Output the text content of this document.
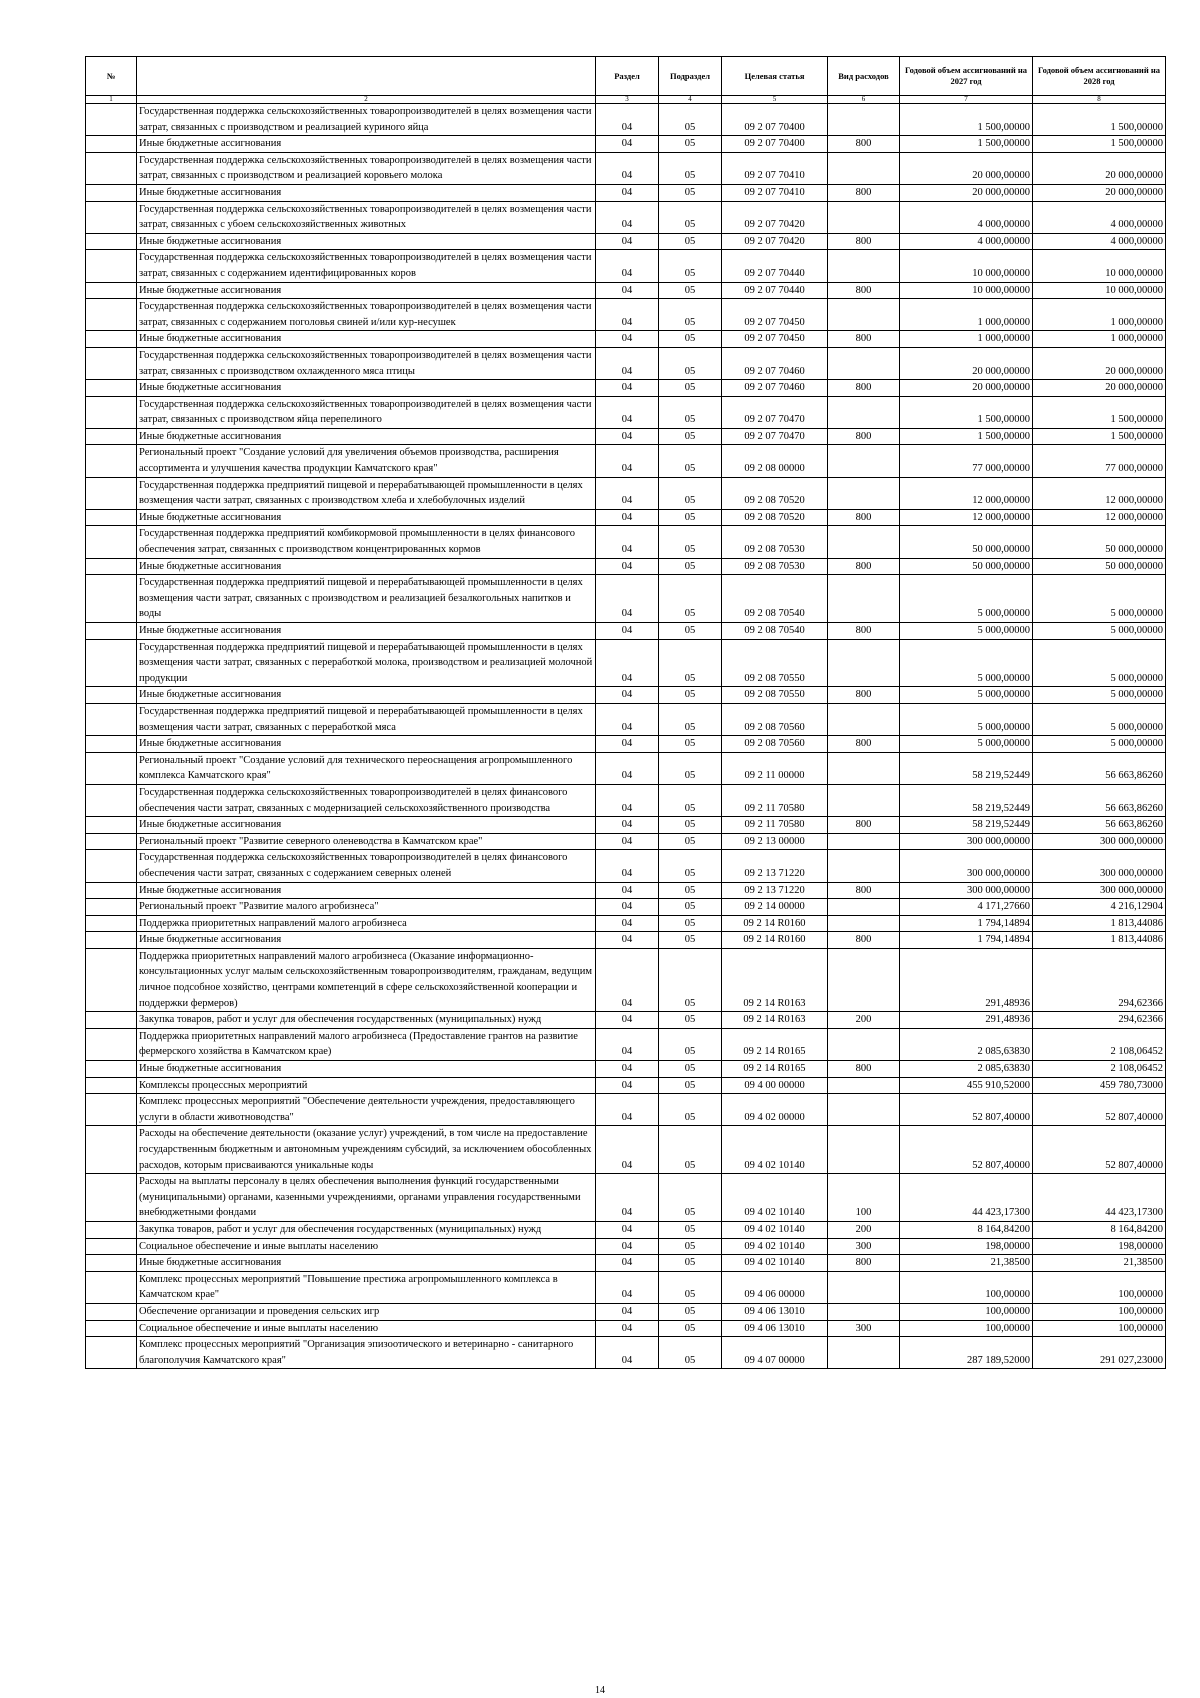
№		Раздел	Подраздел	Целевая статья	Вид расходов	Годовой объем ассигнований на 2027 год	Годовой объем ассигнований на 2028 год
1	2	3	4	5	6	7	8
	Государственная поддержка сельскохозяйственных товаропроизводителей в целях возмещения части затрат, связанных с производством и реализацией куриного яйца	04	05	09 2 07 70400		1 500,00000	1 500,00000
	Иные бюджетные ассигнования	04	05	09 2 07 70400	800	1 500,00000	1 500,00000
	Государственная поддержка сельскохозяйственных товаропроизводителей в целях возмещения части затрат, связанных с производством и реализацией коровьего молока	04	05	09 2 07 70410		20 000,00000	20 000,00000
	Иные бюджетные ассигнования	04	05	09 2 07 70410	800	20 000,00000	20 000,00000
	Государственная поддержка сельскохозяйственных товаропроизводителей в целях возмещения части затрат, связанных с убоем сельскохозяйственных животных	04	05	09 2 07 70420		4 000,00000	4 000,00000
	Иные бюджетные ассигнования	04	05	09 2 07 70420	800	4 000,00000	4 000,00000
	Государственная поддержка сельскохозяйственных товаропроизводителей в целях возмещения части затрат, связанных с содержанием идентифицированных коров	04	05	09 2 07 70440		10 000,00000	10 000,00000
	Иные бюджетные ассигнования	04	05	09 2 07 70440	800	10 000,00000	10 000,00000
	Государственная поддержка сельскохозяйственных товаропроизводителей в целях возмещения части затрат, связанных с содержанием поголовья свиней и/или кур-несушек	04	05	09 2 07 70450		1 000,00000	1 000,00000
	Иные бюджетные ассигнования	04	05	09 2 07 70450	800	1 000,00000	1 000,00000
	Государственная поддержка сельскохозяйственных товаропроизводителей в целях возмещения части затрат, связанных с производством охлажденного мяса птицы	04	05	09 2 07 70460		20 000,00000	20 000,00000
	Иные бюджетные ассигнования	04	05	09 2 07 70460	800	20 000,00000	20 000,00000
	Государственная поддержка сельскохозяйственных товаропроизводителей в целях возмещения части затрат, связанных с производством яйца перепелиного	04	05	09 2 07 70470		1 500,00000	1 500,00000
	Иные бюджетные ассигнования	04	05	09 2 07 70470	800	1 500,00000	1 500,00000
	Региональный проект "Создание условий для увеличения объемов производства, расширения ассортимента и улучшения качества продукции Камчатского края"	04	05	09 2 08 00000		77 000,00000	77 000,00000
	Государственная поддержка предприятий пищевой и перерабатывающей промышленности в целях возмещения части затрат, связанных с производством хлеба и хлебобулочных изделий	04	05	09 2 08 70520		12 000,00000	12 000,00000
	Иные бюджетные ассигнования	04	05	09 2 08 70520	800	12 000,00000	12 000,00000
	Государственная поддержка предприятий комбикормовой промышленности в целях финансового обеспечения затрат, связанных с производством концентрированных кормов	04	05	09 2 08 70530		50 000,00000	50 000,00000
	Иные бюджетные ассигнования	04	05	09 2 08 70530	800	50 000,00000	50 000,00000
	Государственная поддержка предприятий пищевой и перерабатывающей промышленности в целях возмещения части затрат, связанных с производством и реализацией безалкогольных напитков и воды	04	05	09 2 08 70540		5 000,00000	5 000,00000
	Иные бюджетные ассигнования	04	05	09 2 08 70540	800	5 000,00000	5 000,00000
	Государственная поддержка предприятий пищевой и перерабатывающей промышленности в целях возмещения части затрат, связанных с переработкой молока, производством и реализацией молочной продукции	04	05	09 2 08 70550		5 000,00000	5 000,00000
	Иные бюджетные ассигнования	04	05	09 2 08 70550	800	5 000,00000	5 000,00000
	Государственная поддержка предприятий пищевой и перерабатывающей промышленности в целях возмещения части затрат, связанных с переработкой мяса	04	05	09 2 08 70560		5 000,00000	5 000,00000
	Иные бюджетные ассигнования	04	05	09 2 08 70560	800	5 000,00000	5 000,00000
	Региональный проект "Создание условий для технического переоснащения агропромышленного комплекса Камчатского края"	04	05	09 2 11 00000		58 219,52449	56 663,86260
	Государственная поддержка сельскохозяйственных товаропроизводителей в целях финансового обеспечения части затрат, связанных с модернизацией сельскохозяйственного производства	04	05	09 2 11 70580		58 219,52449	56 663,86260
	Иные бюджетные ассигнования	04	05	09 2 11 70580	800	58 219,52449	56 663,86260
	Региональный проект "Развитие северного оленеводства в Камчатском крае"	04	05	09 2 13 00000		300 000,00000	300 000,00000
	Государственная поддержка сельскохозяйственных товаропроизводителей в целях финансового обеспечения части затрат, связанных с содержанием северных оленей	04	05	09 2 13 71220		300 000,00000	300 000,00000
	Иные бюджетные ассигнования	04	05	09 2 13 71220	800	300 000,00000	300 000,00000
	Региональный проект "Развитие малого агробизнеса"	04	05	09 2 14 00000		4 171,27660	4 216,12904
	Поддержка приоритетных направлений малого агробизнеса	04	05	09 2 14 R0160		1 794,14894	1 813,44086
	Иные бюджетные ассигнования	04	05	09 2 14 R0160	800	1 794,14894	1 813,44086
	Поддержка приоритетных направлений малого агробизнеса (Оказание информационно-консультационных услуг малым сельскохозяйственным товаропроизводителям, гражданам, ведущим личное подсобное хозяйство, центрами компетенций в сфере сельскохозяйственной кооперации и поддержки фермеров)	04	05	09 2 14 R0163		291,48936	294,62366
	Закупка товаров, работ и услуг для обеспечения государственных (муниципальных) нужд	04	05	09 2 14 R0163	200	291,48936	294,62366
	Поддержка приоритетных направлений малого агробизнеса (Предоставление грантов на развитие фермерского хозяйства в Камчатском крае)	04	05	09 2 14 R0165		2 085,63830	2 108,06452
	Иные бюджетные ассигнования	04	05	09 2 14 R0165	800	2 085,63830	2 108,06452
	Комплексы процессных мероприятий	04	05	09 4 00 00000		455 910,52000	459 780,73000
	Комплекс процессных мероприятий "Обеспечение деятельности учреждения, предоставляющего услуги в области животноводства"	04	05	09 4 02 00000		52 807,40000	52 807,40000
	Расходы на обеспечение деятельности (оказание услуг) учреждений, в том числе на предоставление государственным бюджетным и автономным учреждениям субсидий, за исключением обособленных расходов, которым присваиваются уникальные коды	04	05	09 4 02 10140		52 807,40000	52 807,40000
	Расходы на выплаты персоналу в целях обеспечения выполнения функций государственными (муниципальными) органами, казенными учреждениями, органами управления государственными внебюджетными фондами	04	05	09 4 02 10140	100	44 423,17300	44 423,17300
	Закупка товаров, работ и услуг для обеспечения государственных (муниципальных) нужд	04	05	09 4 02 10140	200	8 164,84200	8 164,84200
	Социальное обеспечение и иные выплаты населению	04	05	09 4 02 10140	300	198,00000	198,00000
	Иные бюджетные ассигнования	04	05	09 4 02 10140	800	21,38500	21,38500
	Комплекс процессных мероприятий "Повышение престижа агропромышленного комплекса в Камчатском крае"	04	05	09 4 06 00000		100,00000	100,00000
	Обеспечение организации и проведения сельских игр	04	05	09 4 06 13010		100,00000	100,00000
	Социальное обеспечение и иные выплаты населению	04	05	09 4 06 13010	300	100,00000	100,00000
	Комплекс процессных мероприятий "Организация эпизоотического и ветеринарно - санитарного благополучия Камчатского края"	04	05	09 4 07 00000		287 189,52000	291 027,23000
14
